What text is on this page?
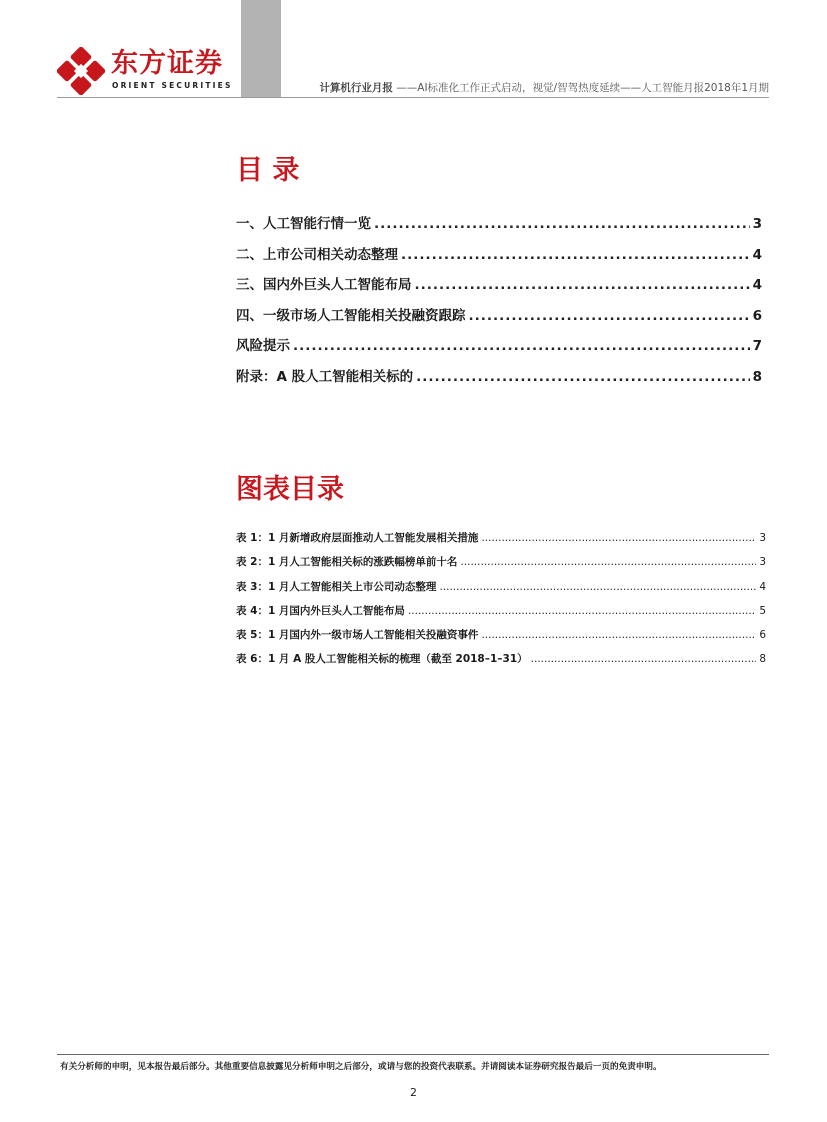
东方证券
ORIENT SECURITIES	计算机行业月报 ——AI标准化工作正式启动，视觉/智驾热度延续——人工智能月报2018年1月期
目 录
一、人工智能行情一览 .....	3
二、上市公司相关动态整理 .....	4
三、国内外巨头人工智能布局 .....	4
四、一级市场人工智能相关投融资跟踪 .....	6
风险提示 .....	7
附录：A 股人工智能相关标的 .....	8
图表目录
表 1：1 月新增政府层面推动人工智能发展相关措施 .....	3
表 2：1 月人工智能相关标的涨跌幅榜单前十名 .....	3
表 3：1 月人工智能相关上市公司动态整理 .....	4
表 4：1 月国内外巨头人工智能布局 .....	5
表 5：1 月国内外一级市场人工智能相关投融资事件 .....	6
表 6：1 月 A 股人工智能相关标的梳理（截至 2018–1–31） .....	8
有关分析师的申明，见本报告最后部分。其他重要信息披露见分析师申明之后部分，或请与您的投资代表联系。并请阅读本证券研究报告最后一页的免责申明。
2
